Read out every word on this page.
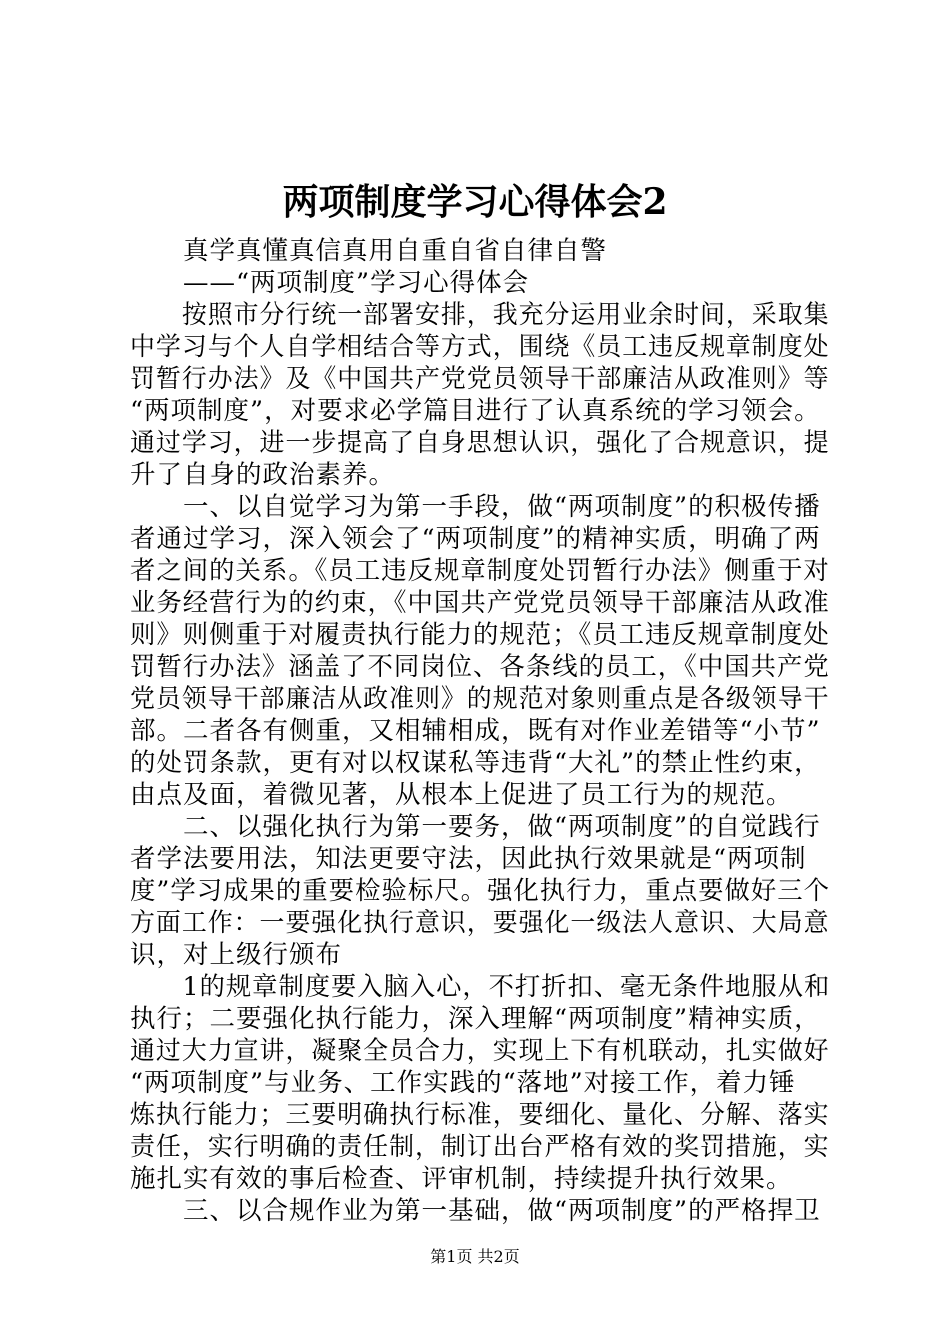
两项制度学习心得体会2
　　真学真懂真信真用自重自省自律自警
　　——“两项制度”学习心得体会
　　按照市分行统一部署安排，我充分运用业余时间，采取集
中学习与个人自学相结合等方式，围绕《员工违反规章制度处
罚暂行办法》及《中国共产党党员领导干部廉洁从政准则》等
“两项制度”，对要求必学篇目进行了认真系统的学习领会。
通过学习，进一步提高了自身思想认识，强化了合规意识，提
升了自身的政治素养。
　　一、以自觉学习为第一手段，做“两项制度”的积极传播
者通过学习，深入领会了“两项制度”的精神实质，明确了两
者之间的关系。《员工违反规章制度处罚暂行办法》侧重于对
业务经营行为的约束，《中国共产党党员领导干部廉洁从政准
则》则侧重于对履责执行能力的规范；《员工违反规章制度处
罚暂行办法》涵盖了不同岗位、各条线的员工，《中国共产党
党员领导干部廉洁从政准则》的规范对象则重点是各级领导干
部。二者各有侧重，又相辅相成，既有对作业差错等“小节”
的处罚条款，更有对以权谋私等违背“大礼”的禁止性约束，
由点及面，着微见著，从根本上促进了员工行为的规范。
　　二、以强化执行为第一要务，做“两项制度”的自觉践行
者学法要用法，知法更要守法，因此执行效果就是“两项制
度”学习成果的重要检验标尺。强化执行力，重点要做好三个
方面工作：一要强化执行意识，要强化一级法人意识、大局意
识，对上级行颁布
　　1的规章制度要入脑入心，不打折扣、毫无条件地服从和
执行；二要强化执行能力，深入理解“两项制度”精神实质，
通过大力宣讲，凝聚全员合力，实现上下有机联动，扎实做好
“两项制度”与业务、工作实践的“落地”对接工作，着力锤
炼执行能力；三要明确执行标准，要细化、量化、分解、落实
责任，实行明确的责任制，制订出台严格有效的奖罚措施，实
施扎实有效的事后检查、评审机制，持续提升执行效果。
　　三、以合规作业为第一基础，做“两项制度”的严格捍卫
第1页 共2页
